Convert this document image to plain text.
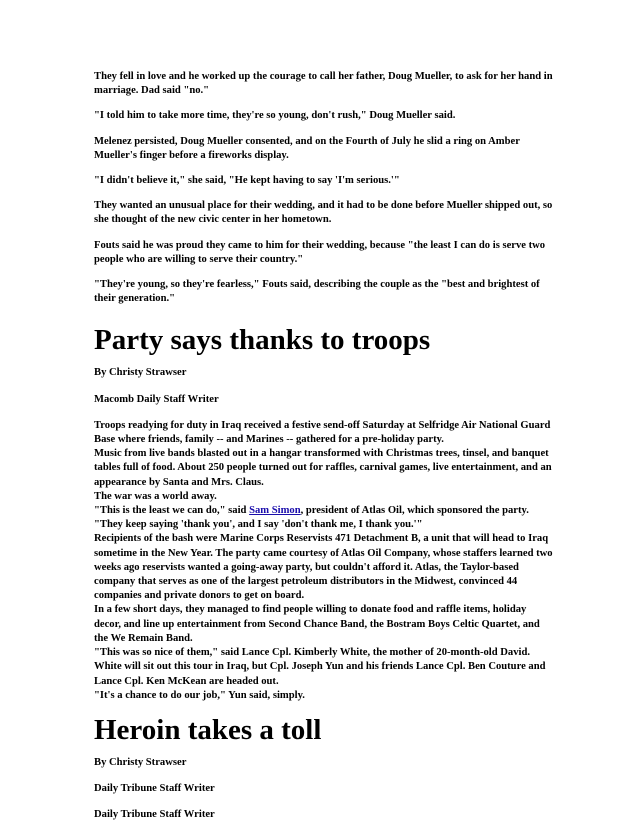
They fell in love and he worked up the courage to call her father, Doug Mueller, to ask for her hand in marriage. Dad said "no."

"I told him to take more time, they're so young, don't rush," Doug Mueller said.

Melenez persisted, Doug Mueller consented, and on the Fourth of July he slid a ring on Amber Mueller's finger before a fireworks display.

"I didn't believe it," she said, "He kept having to say 'I'm serious.'"

They wanted an unusual place for their wedding, and it had to be done before Mueller shipped out, so she thought of the new civic center in her hometown.

Fouts said he was proud they came to him for their wedding, because "the least I can do is serve two people who are willing to serve their country."

"They're young, so they're fearless," Fouts said, describing the couple as the "best and brightest of their generation."

Party says thanks to troops

By Christy Strawser

Macomb Daily Staff Writer

Troops readying for duty in Iraq received a festive send-off Saturday at Selfridge Air National Guard Base where friends, family -- and Marines -- gathered for a pre-holiday party.

Music from live bands blasted out in a hangar transformed with Christmas trees, tinsel, and banquet tables full of food. About 250 people turned out for raffles, carnival games, live entertainment, and an appearance by Santa and Mrs. Claus.

The war was a world away.

"This is the least we can do," said Sam Simon, president of Atlas Oil, which sponsored the party.

"They keep saying 'thank you', and I say 'don't thank me, I thank you.'"

Recipients of the bash were Marine Corps Reservists 471 Detachment B, a unit that will head to Iraq sometime in the New Year. The party came courtesy of Atlas Oil Company, whose staffers learned two weeks ago reservists wanted a going-away party, but couldn't afford it. Atlas, the Taylor-based company that serves as one of the largest petroleum distributors in the Midwest, convinced 44 companies and private donors to get on board.

In a few short days, they managed to find people willing to donate food and raffle items, holiday decor, and line up entertainment from Second Chance Band, the Bostram Boys Celtic Quartet, and the We Remain Band.

"This was so nice of them," said Lance Cpl. Kimberly White, the mother of 20-month-old David. White will sit out this tour in Iraq, but Cpl. Joseph Yun and his friends Lance Cpl. Ben Couture and Lance Cpl. Ken McKean are headed out.

"It's a chance to do our job," Yun said, simply.

Heroin takes a toll

By Christy Strawser

Daily Tribune Staff Writer

Daily Tribune Staff Writer
